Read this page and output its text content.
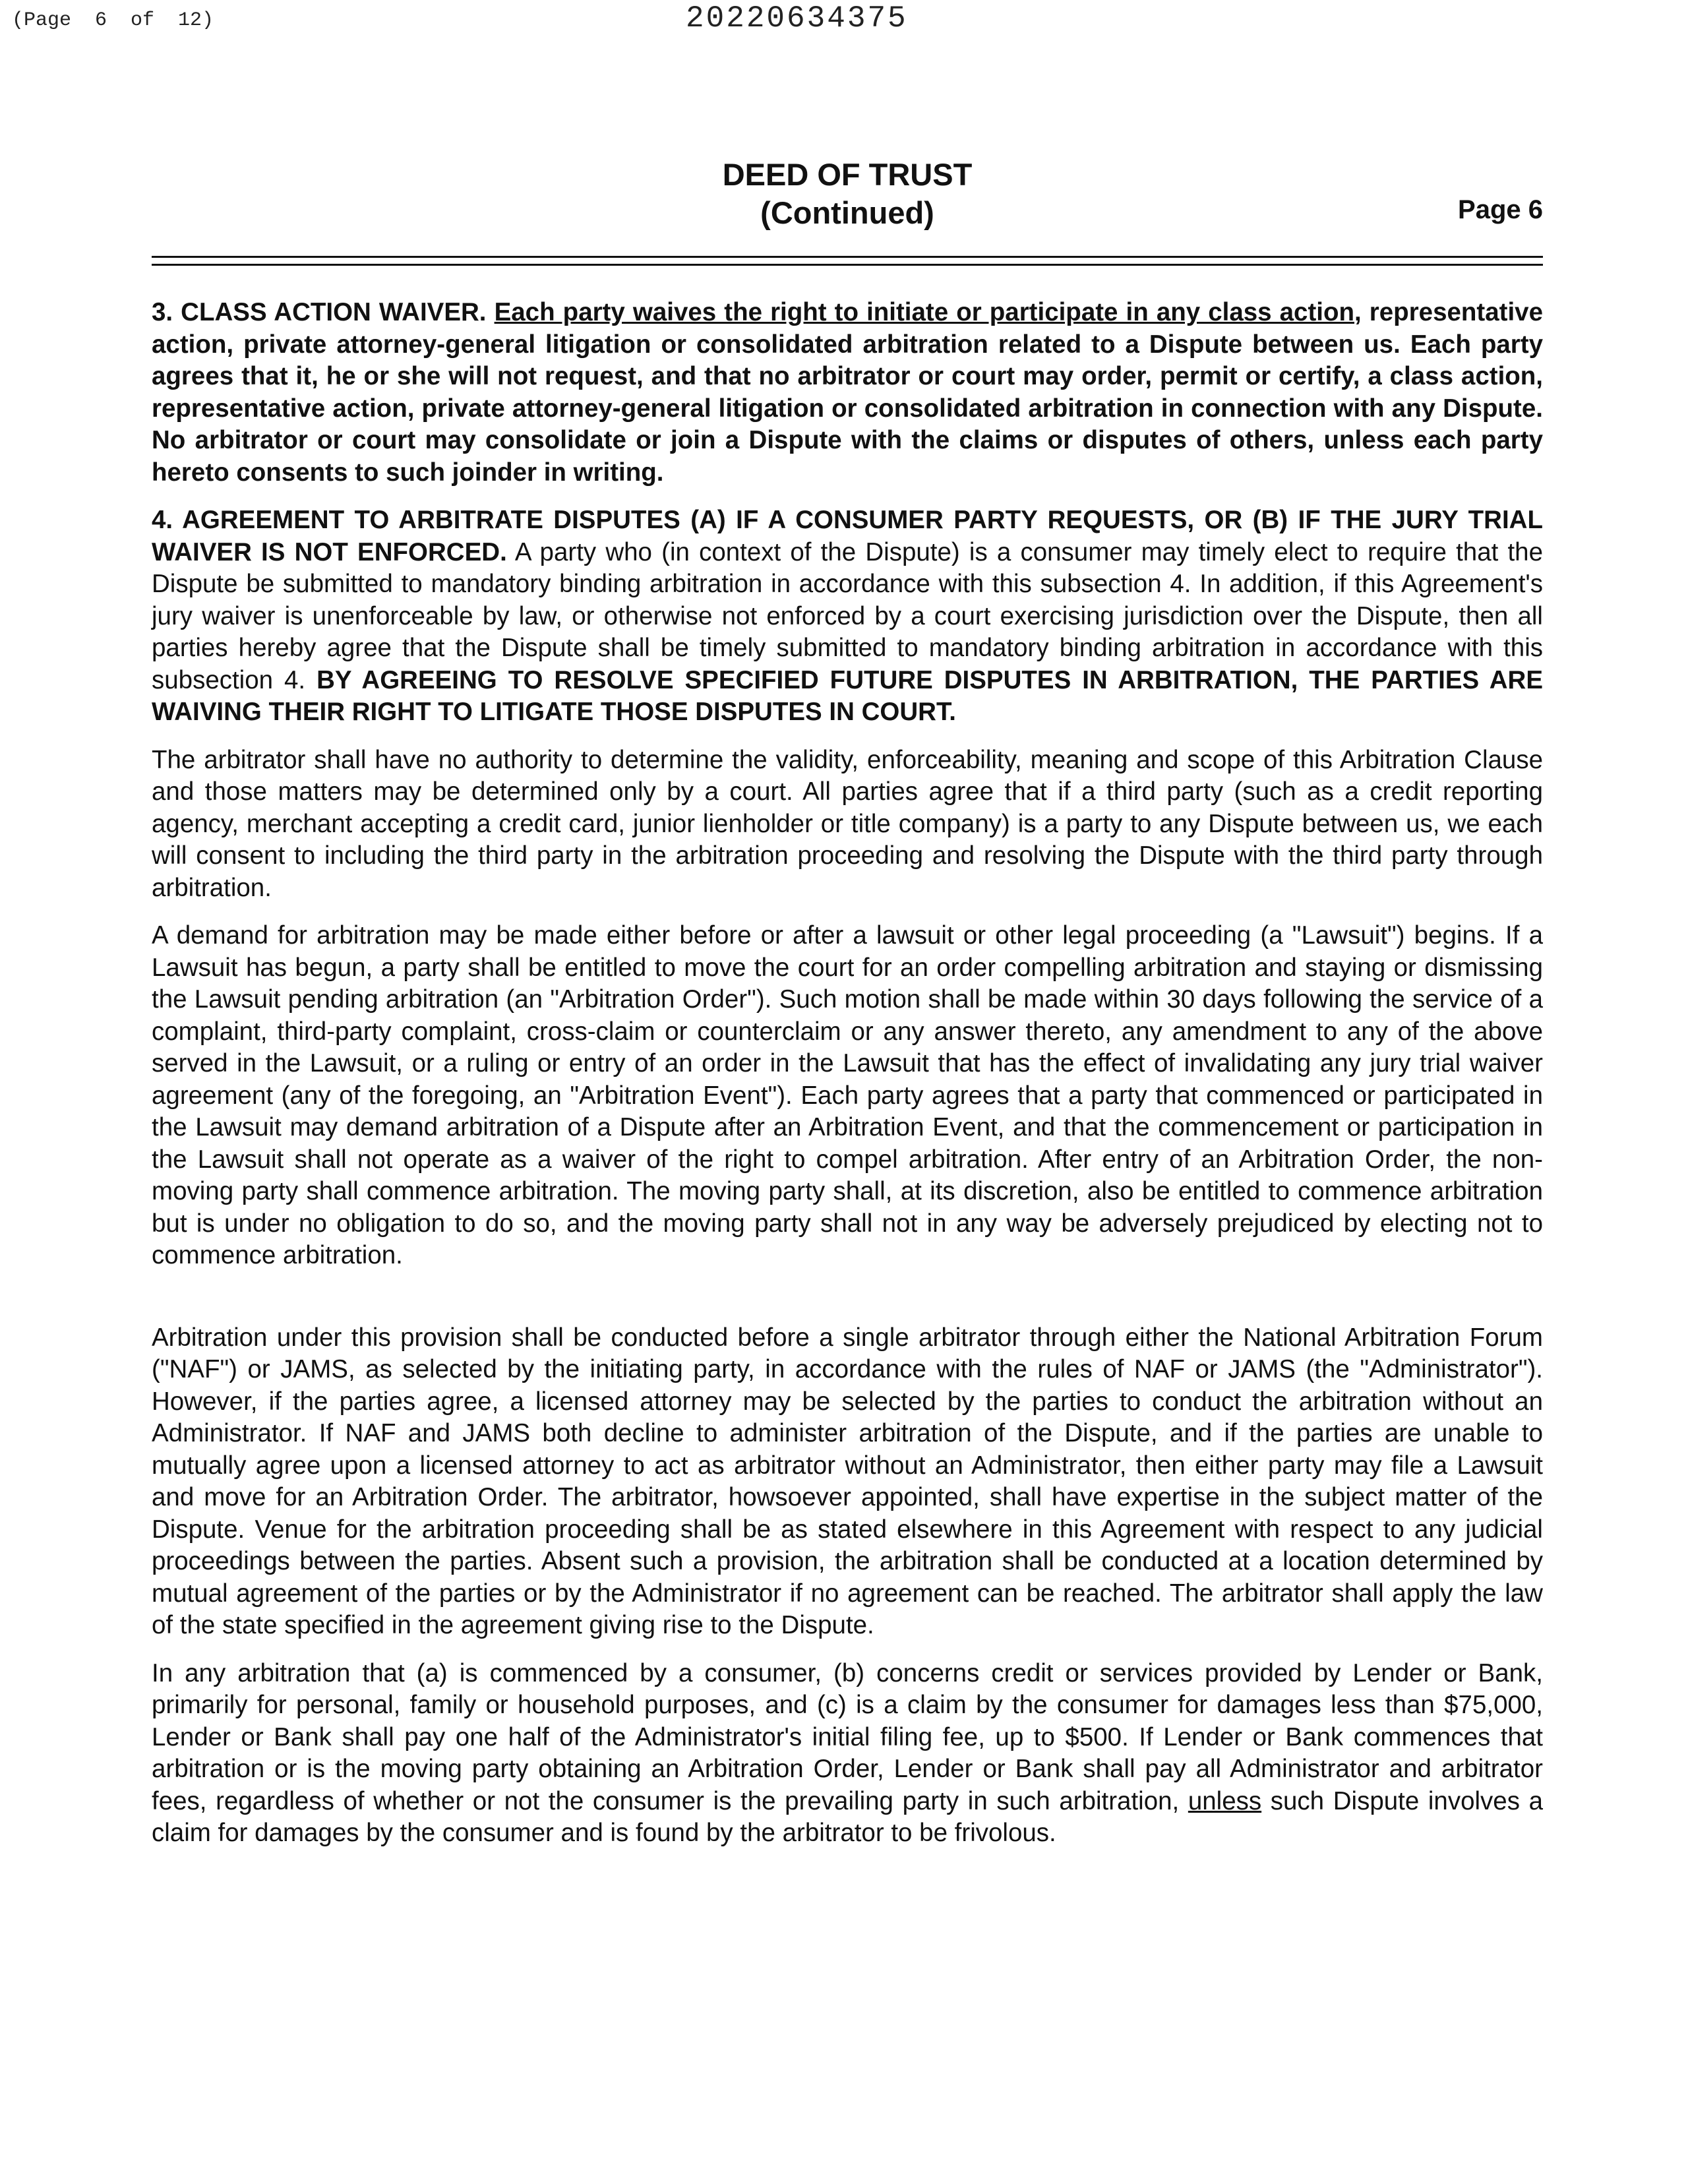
(Page  6  of  12)	20220634375
DEED OF TRUST
(Continued)	Page 6

3. CLASS ACTION WAIVER. Each party waives the right to initiate or participate in any class action, representative action, private attorney-general litigation or consolidated arbitration related to a Dispute between us. Each party agrees that it, he or she will not request, and that no arbitrator or court may order, permit or certify, a class action, representative action, private attorney-general litigation or consolidated arbitration in connection with any Dispute. No arbitrator or court may consolidate or join a Dispute with the claims or disputes of others, unless each party hereto consents to such joinder in writing.

4. AGREEMENT TO ARBITRATE DISPUTES (A) IF A CONSUMER PARTY REQUESTS, OR (B) IF THE JURY TRIAL WAIVER IS NOT ENFORCED. A party who (in context of the Dispute) is a consumer may timely elect to require that the Dispute be submitted to mandatory binding arbitration in accordance with this subsection 4. In addition, if this Agreement's jury waiver is unenforceable by law, or otherwise not enforced by a court exercising jurisdiction over the Dispute, then all parties hereby agree that the Dispute shall be timely submitted to mandatory binding arbitration in accordance with this subsection 4. BY AGREEING TO RESOLVE SPECIFIED FUTURE DISPUTES IN ARBITRATION, THE PARTIES ARE WAIVING THEIR RIGHT TO LITIGATE THOSE DISPUTES IN COURT.

The arbitrator shall have no authority to determine the validity, enforceability, meaning and scope of this Arbitration Clause and those matters may be determined only by a court. All parties agree that if a third party (such as a credit reporting agency, merchant accepting a credit card, junior lienholder or title company) is a party to any Dispute between us, we each will consent to including the third party in the arbitration proceeding and resolving the Dispute with the third party through arbitration.

A demand for arbitration may be made either before or after a lawsuit or other legal proceeding (a "Lawsuit") begins. If a Lawsuit has begun, a party shall be entitled to move the court for an order compelling arbitration and staying or dismissing the Lawsuit pending arbitration (an "Arbitration Order"). Such motion shall be made within 30 days following the service of a complaint, third-party complaint, cross-claim or counterclaim or any answer thereto, any amendment to any of the above served in the Lawsuit, or a ruling or entry of an order in the Lawsuit that has the effect of invalidating any jury trial waiver agreement (any of the foregoing, an "Arbitration Event"). Each party agrees that a party that commenced or participated in the Lawsuit may demand arbitration of a Dispute after an Arbitration Event, and that the commencement or participation in the Lawsuit shall not operate as a waiver of the right to compel arbitration. After entry of an Arbitration Order, the non-moving party shall commence arbitration. The moving party shall, at its discretion, also be entitled to commence arbitration but is under no obligation to do so, and the moving party shall not in any way be adversely prejudiced by electing not to commence arbitration.

Arbitration under this provision shall be conducted before a single arbitrator through either the National Arbitration Forum ("NAF") or JAMS, as selected by the initiating party, in accordance with the rules of NAF or JAMS (the "Administrator"). However, if the parties agree, a licensed attorney may be selected by the parties to conduct the arbitration without an Administrator. If NAF and JAMS both decline to administer arbitration of the Dispute, and if the parties are unable to mutually agree upon a licensed attorney to act as arbitrator without an Administrator, then either party may file a Lawsuit and move for an Arbitration Order. The arbitrator, howsoever appointed, shall have expertise in the subject matter of the Dispute. Venue for the arbitration proceeding shall be as stated elsewhere in this Agreement with respect to any judicial proceedings between the parties. Absent such a provision, the arbitration shall be conducted at a location determined by mutual agreement of the parties or by the Administrator if no agreement can be reached. The arbitrator shall apply the law of the state specified in the agreement giving rise to the Dispute.

In any arbitration that (a) is commenced by a consumer, (b) concerns credit or services provided by Lender or Bank, primarily for personal, family or household purposes, and (c) is a claim by the consumer for damages less than $75,000, Lender or Bank shall pay one half of the Administrator's initial filing fee, up to $500. If Lender or Bank commences that arbitration or is the moving party obtaining an Arbitration Order, Lender or Bank shall pay all Administrator and arbitrator fees, regardless of whether or not the consumer is the prevailing party in such arbitration, unless such Dispute involves a claim for damages by the consumer and is found by the arbitrator to be frivolous.
